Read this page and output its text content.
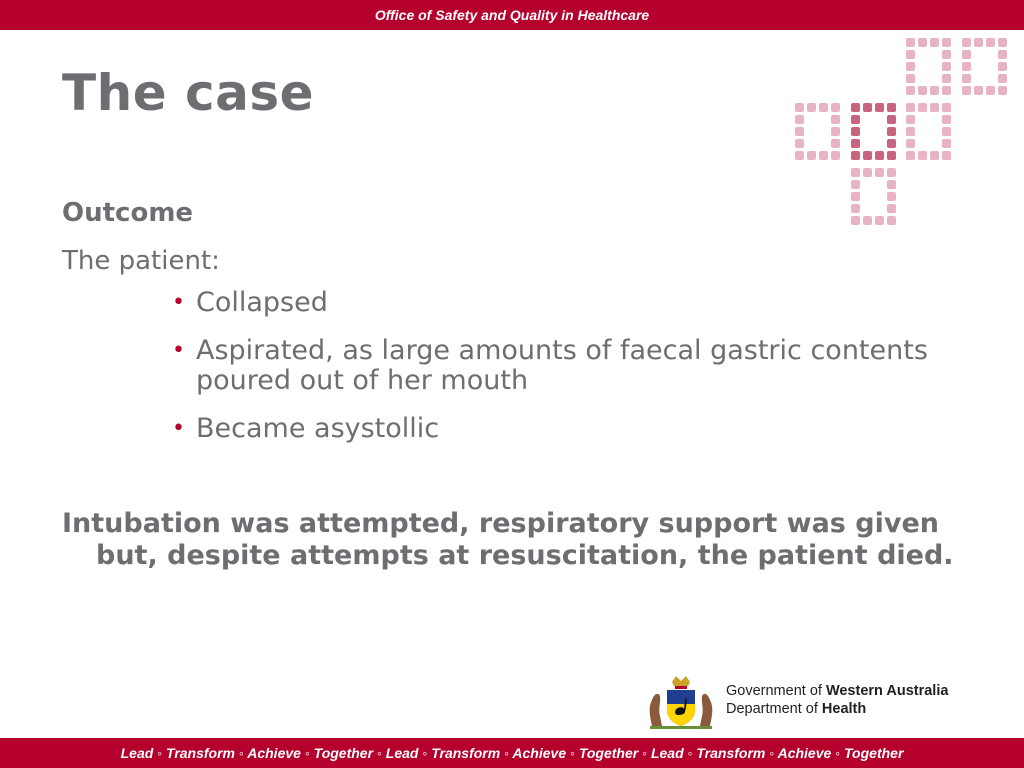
Office of Safety and Quality in Healthcare
The case

Outcome

The patient:

• Collapsed
• Aspirated, as large amounts of faecal gastric contents poured out of her mouth
• Became asystollic

Intubation was attempted, respiratory support was given but, despite attempts at resuscitation, the patient died.

Government of Western Australia
Department of Health
Lead ◦ Transform ◦ Achieve ◦ Together ◦ Lead ◦ Transform ◦ Achieve ◦ Together ◦ Lead ◦ Transform ◦ Achieve ◦ Together
